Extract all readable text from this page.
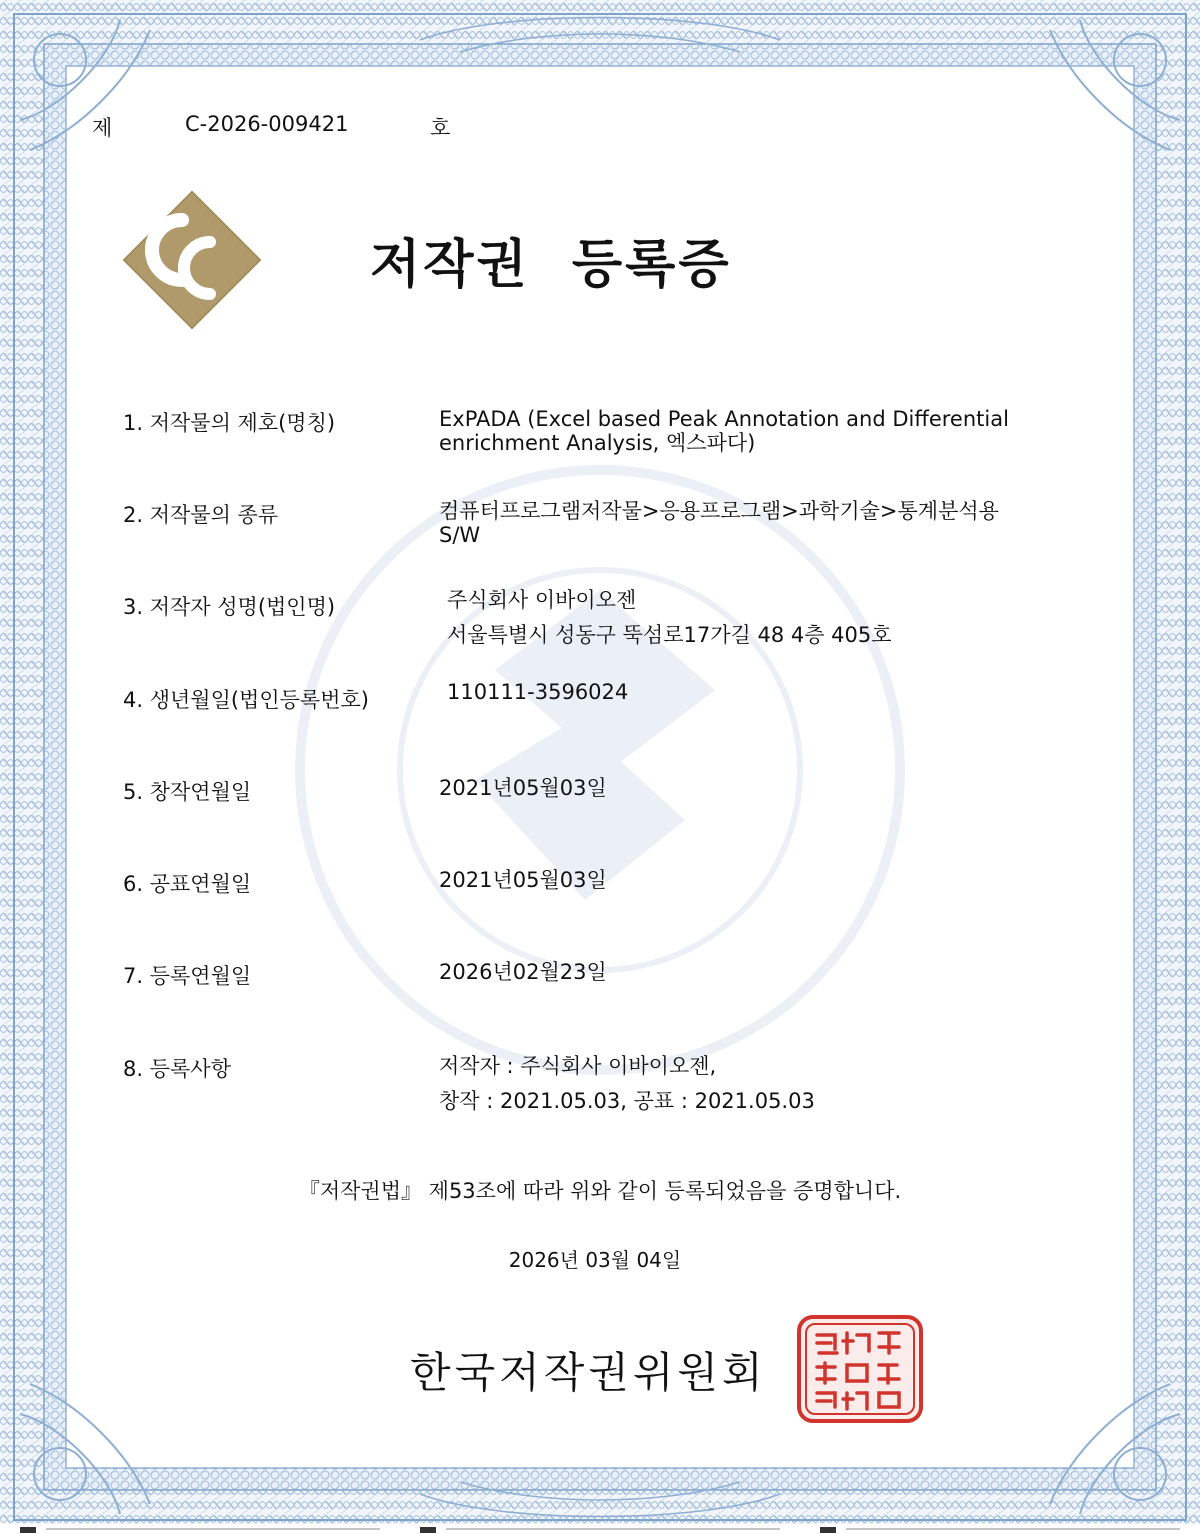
제	C-2026-009421	호
저작권  등록증
1. 저작물의 제호(명칭)	ExPADA (Excel based Peak Annotation and Differential
enrichment Analysis, 엑스파다)
2. 저작물의 종류	컴퓨터프로그램저작물>응용프로그램>과학기술>통계분석용
S/W
3. 저작자 성명(법인명)	주식회사 이바이오젠
서울특별시 성동구 뚝섬로17가길 48 4층 405호
4. 생년월일(법인등록번호)	110111-3596024
5. 창작연월일	2021년05월03일
6. 공표연월일	2021년05월03일
7. 등록연월일	2026년02월23일
8. 등록사항	저작자 : 주식회사 이바이오젠,
창작 : 2021.05.03, 공표 : 2021.05.03
『저작권법』 제53조에 따라 위와 같이 등록되었음을 증명합니다.
2026년 03월 04일
한국저작권위원회
